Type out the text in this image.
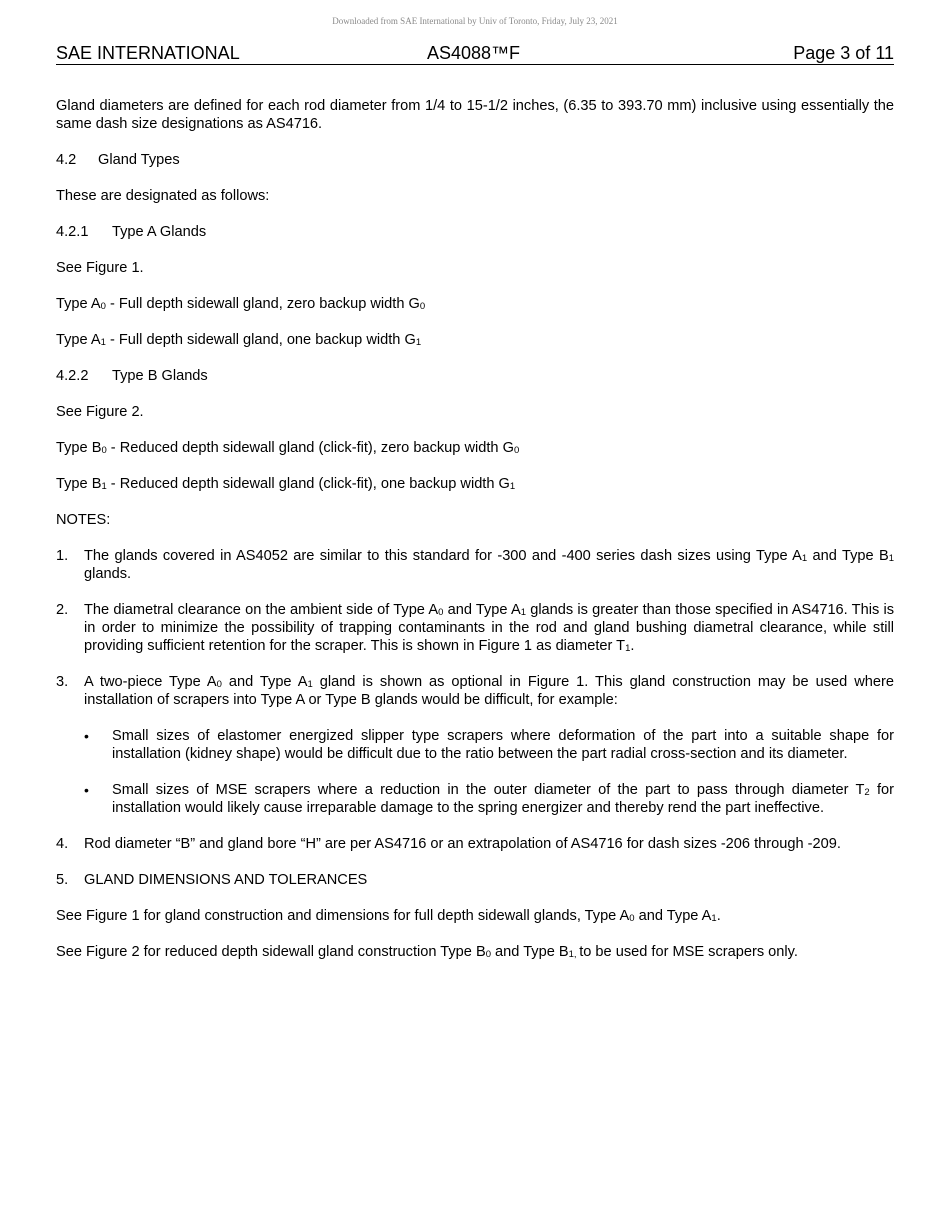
Downloaded from SAE International by Univ of Toronto, Friday, July 23, 2021
SAE INTERNATIONAL	AS4088™F	Page 3 of 11

Gland diameters are defined for each rod diameter from 1/4 to 15-1/2 inches, (6.35 to 393.70 mm) inclusive using essentially the same dash size designations as AS4716.

4.2 Gland Types

These are designated as follows:

4.2.1 Type A Glands

See Figure 1.

Type $A_0$ - Full depth sidewall gland, zero backup width $G_0$

Type $A_1$ - Full depth sidewall gland, one backup width $G_1$

4.2.2 Type B Glands

See Figure 2.

Type $B_0$ - Reduced depth sidewall gland (click-fit), zero backup width $G_0$

Type $B_1$ - Reduced depth sidewall gland (click-fit), one backup width $G_1$

NOTES:

1.	The glands covered in AS4052 are similar to this standard for -300 and -400 series dash sizes using Type $A_1$ and Type $B_1$ glands.
2.	The diametral clearance on the ambient side of Type $A_0$ and Type $A_1$ glands is greater than those specified in AS4716. This is in order to minimize the possibility of trapping contaminants in the rod and gland bushing diametral clearance, while still providing sufficient retention for the scraper. This is shown in Figure 1 as diameter $T_1$.
3.	A two-piece Type $A_0$ and Type $A_1$ gland is shown as optional in Figure 1. This gland construction may be used where installation of scrapers into Type A or Type B glands would be difficult, for example:
•	Small sizes of elastomer energized slipper type scrapers where deformation of the part into a suitable shape for installation (kidney shape) would be difficult due to the ratio between the part radial cross-section and its diameter.
•	Small sizes of MSE scrapers where a reduction in the outer diameter of the part to pass through diameter $T_2$ for installation would likely cause irreparable damage to the spring energizer and thereby rend the part ineffective.
4.	Rod diameter “B” and gland bore “H” are per AS4716 or an extrapolation of AS4716 for dash sizes -206 through -209.
5.	GLAND DIMENSIONS AND TOLERANCES

See Figure 1 for gland construction and dimensions for full depth sidewall glands, Type $A_0$ and Type $A_1$.

See Figure 2 for reduced depth sidewall gland construction Type $B_0$ and Type $B_{1,}$ to be used for MSE scrapers only.
